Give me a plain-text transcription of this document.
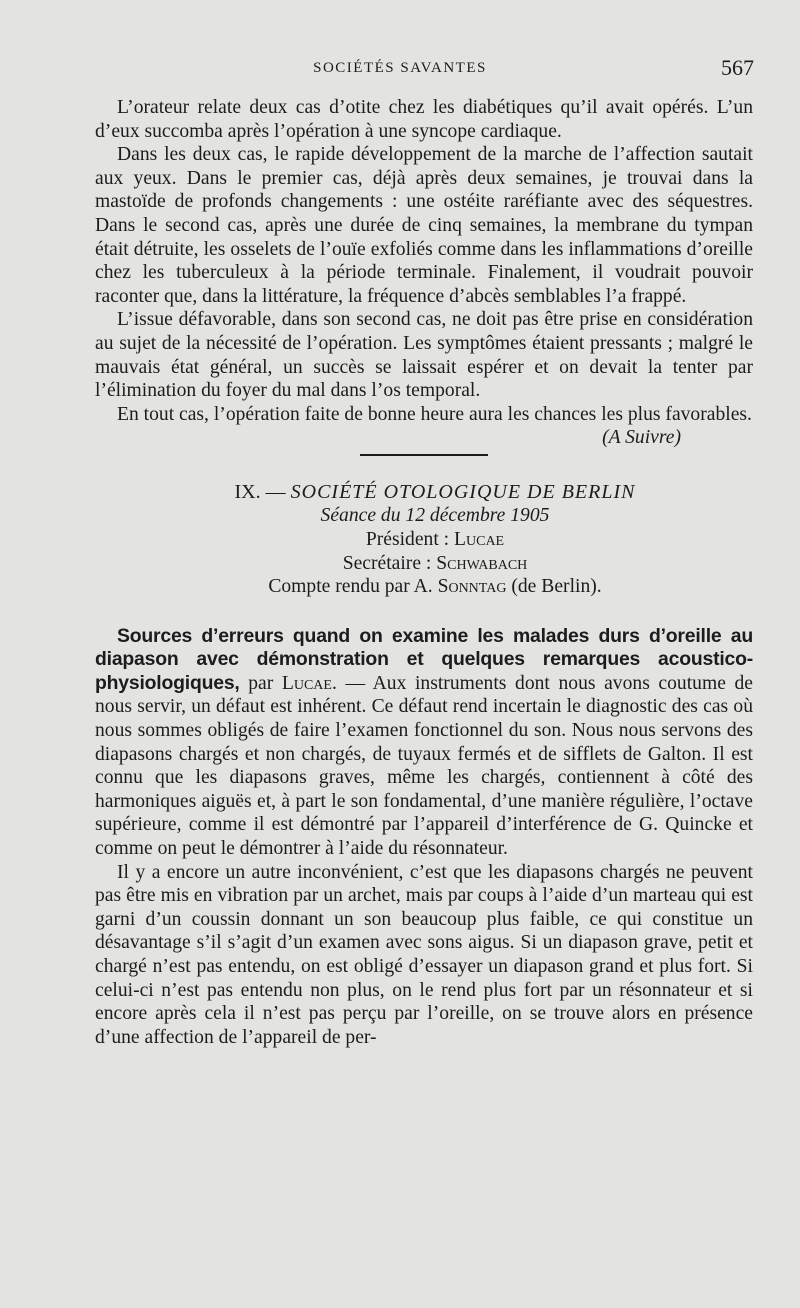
SOCIÉTÉS SAVANTES	567

L’orateur relate deux cas d’otite chez les diabétiques qu’il avait opérés. L’un d’eux succomba après l’opération à une syncope cardiaque.

Dans les deux cas, le rapide développement de la marche de l’affection sautait aux yeux. Dans le premier cas, déjà après deux semaines, je trouvai dans la mastoïde de profonds changements : une ostéite raréfiante avec des séquestres. Dans le second cas, après une durée de cinq semaines, la membrane du tympan était détruite, les osselets de l’ouïe exfoliés comme dans les inflammations d’oreille chez les tuberculeux à la période terminale. Finalement, il voudrait pouvoir raconter que, dans la littérature, la fréquence d’abcès semblables l’a frappé.

L’issue défavorable, dans son second cas, ne doit pas être prise en considération au sujet de la nécessité de l’opération. Les symptômes étaient pressants ; malgré le mauvais état général, un succès se laissait espérer et on devait la tenter par l’élimination du foyer du mal dans l’os temporal.

En tout cas, l’opération faite de bonne heure aura les chances les plus favorables.
(A Suivre)

IX. — SOCIÉTÉ OTOLOGIQUE DE BERLIN

Séance du 12 décembre 1905

Président : Lucae

Secrétaire : Schwabach

Compte rendu par A. Sonntag (de Berlin).

Sources d’erreurs quand on examine les malades durs d’oreille au diapason avec démonstration et quelques remarques acoustico-physiologiques, par Lucae. — Aux instruments dont nous avons coutume de nous servir, un défaut est inhérent. Ce défaut rend incertain le diagnostic des cas où nous sommes obligés de faire l’examen fonctionnel du son. Nous nous servons des diapasons chargés et non chargés, de tuyaux fermés et de sifflets de Galton. Il est connu que les diapasons graves, même les chargés, contiennent à côté des harmoniques aiguës et, à part le son fondamental, d’une manière régulière, l’octave supérieure, comme il est démontré par l’appareil d’interférence de G. Quincke et comme on peut le démontrer à l’aide du résonnateur.

Il y a encore un autre inconvénient, c’est que les diapasons chargés ne peuvent pas être mis en vibration par un archet, mais par coups à l’aide d’un marteau qui est garni d’un coussin donnant un son beaucoup plus faible, ce qui constitue un désavantage s’il s’agit d’un examen avec sons aigus. Si un diapason grave, petit et chargé n’est pas entendu, on est obligé d’essayer un diapason grand et plus fort. Si celui-ci n’est pas entendu non plus, on le rend plus fort par un résonnateur et si encore après cela il n’est pas perçu par l’oreille, on se trouve alors en présence d’une affection de l’appareil de per-
